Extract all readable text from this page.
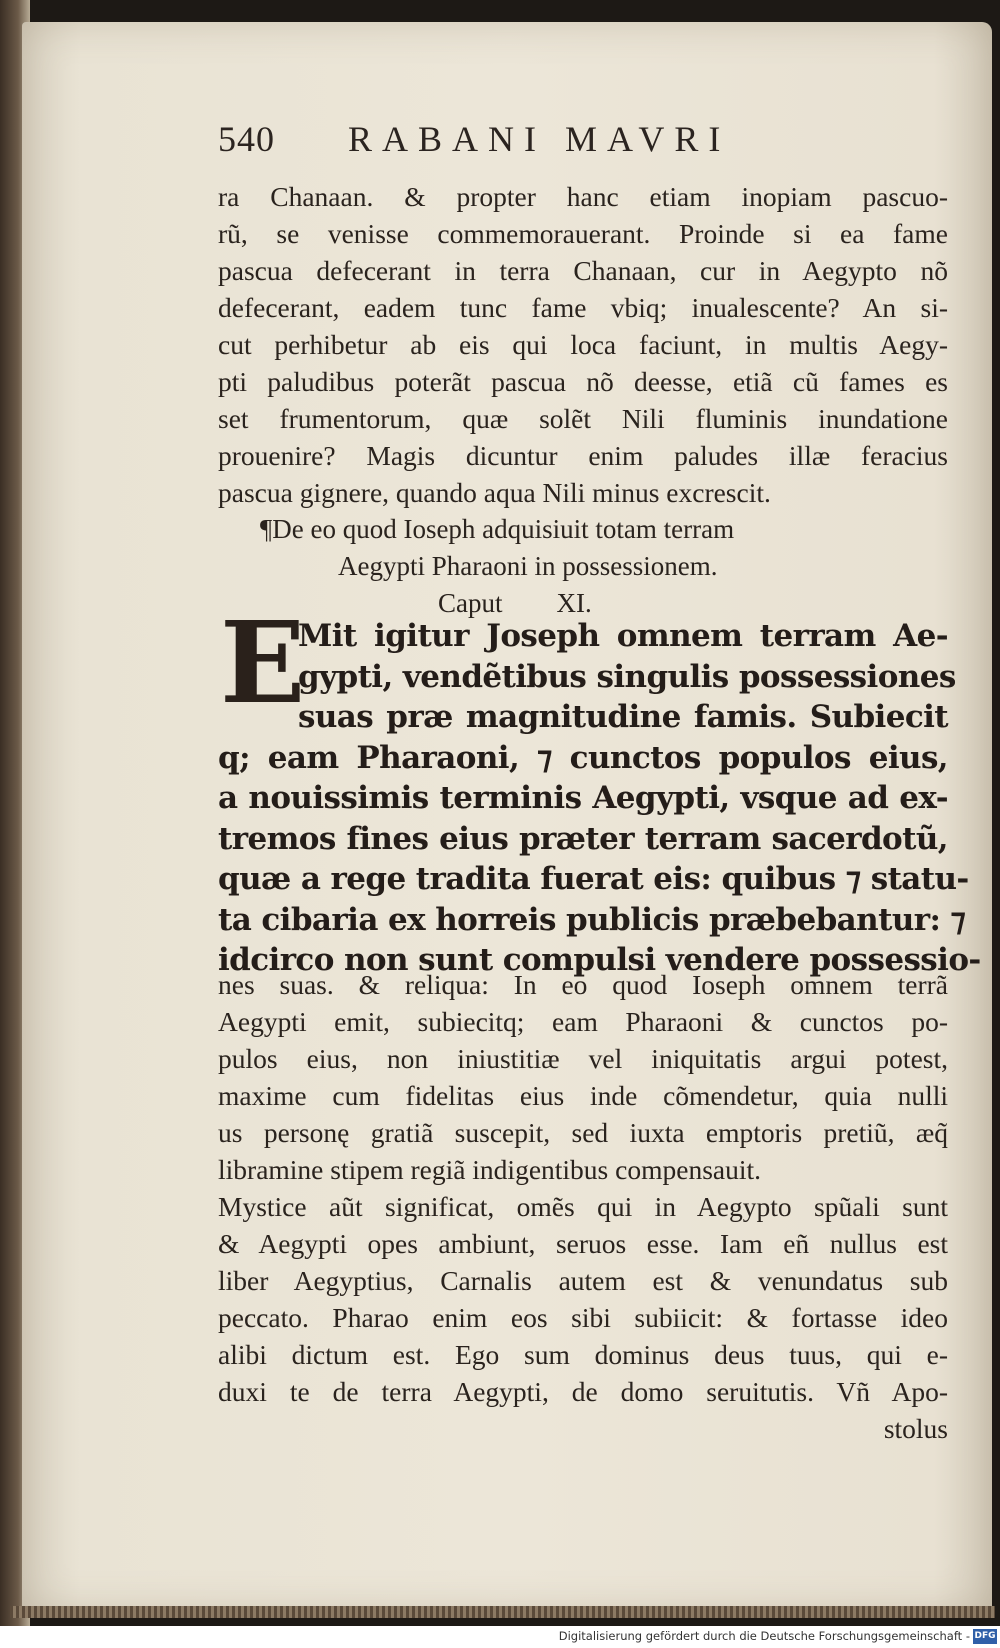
540 RABANI MAVRI
ra Chanaan. & propter hanc etiam inopiam pascuo-
rũ, se venisse commemorauerant. Proinde si ea fame
pascua defecerant in terra Chanaan, cur in Aegypto nõ
defecerant, eadem tunc fame vbiq; inualescente? An si-
cut perhibetur ab eis qui loca faciunt, in multis Aegy-
pti paludibus poterãt pascua nõ deesse, etiã cũ fames es
set frumentorum, quæ solẽt Nili fluminis inundatione
prouenire? Magis dicuntur enim paludes illæ feracius
pascua gignere, quando aqua Nili minus excrescit.
¶De eo quod Ioseph adquisiuit totam terram
Aegypti Pharaoni in possessionem.
Caput        XI.
E
Mit igitur Joseph omnem terram Ae-
gypti, vendẽtibus singulis possessiones
suas præ magnitudine famis. Subiecit
q; eam Pharaoni, ⁊ cunctos populos eius,
a nouissimis terminis Aegypti, vsque ad ex-
tremos fines eius præter terram sacerdotũ,
quæ a rege tradita fuerat eis: quibus ⁊ statu-
ta cibaria ex horreis publicis præbebantur: ⁊
idcirco non sunt compulsi vendere possessio-
nes suas. & reliqua: In eo quod Ioseph omnem terrã
Aegypti emit, subiecitq; eam Pharaoni & cunctos po-
pulos eius, non iniustitiæ vel iniquitatis argui potest,
maxime cum fidelitas eius inde cõmendetur, quia nulli
us personę gratiã suscepit, sed iuxta emptoris pretiũ, æq̃
libramine stipem regiã indigentibus compensauit.
Mystice aũt significat, omẽs qui in Aegypto spũali sunt
& Aegypti opes ambiunt, seruos esse. Iam eñ nullus est
liber Aegyptius, Carnalis autem est & venundatus sub
peccato. Pharao enim eos sibi subiicit: & fortasse ideo
alibi dictum est. Ego sum dominus deus tuus, qui e-
duxi te de terra Aegypti, de domo seruitutis. Vñ Apo-
stolus
Digitalisierung gefördert durch die Deutsche Forschungsgemeinschaft - DFG
